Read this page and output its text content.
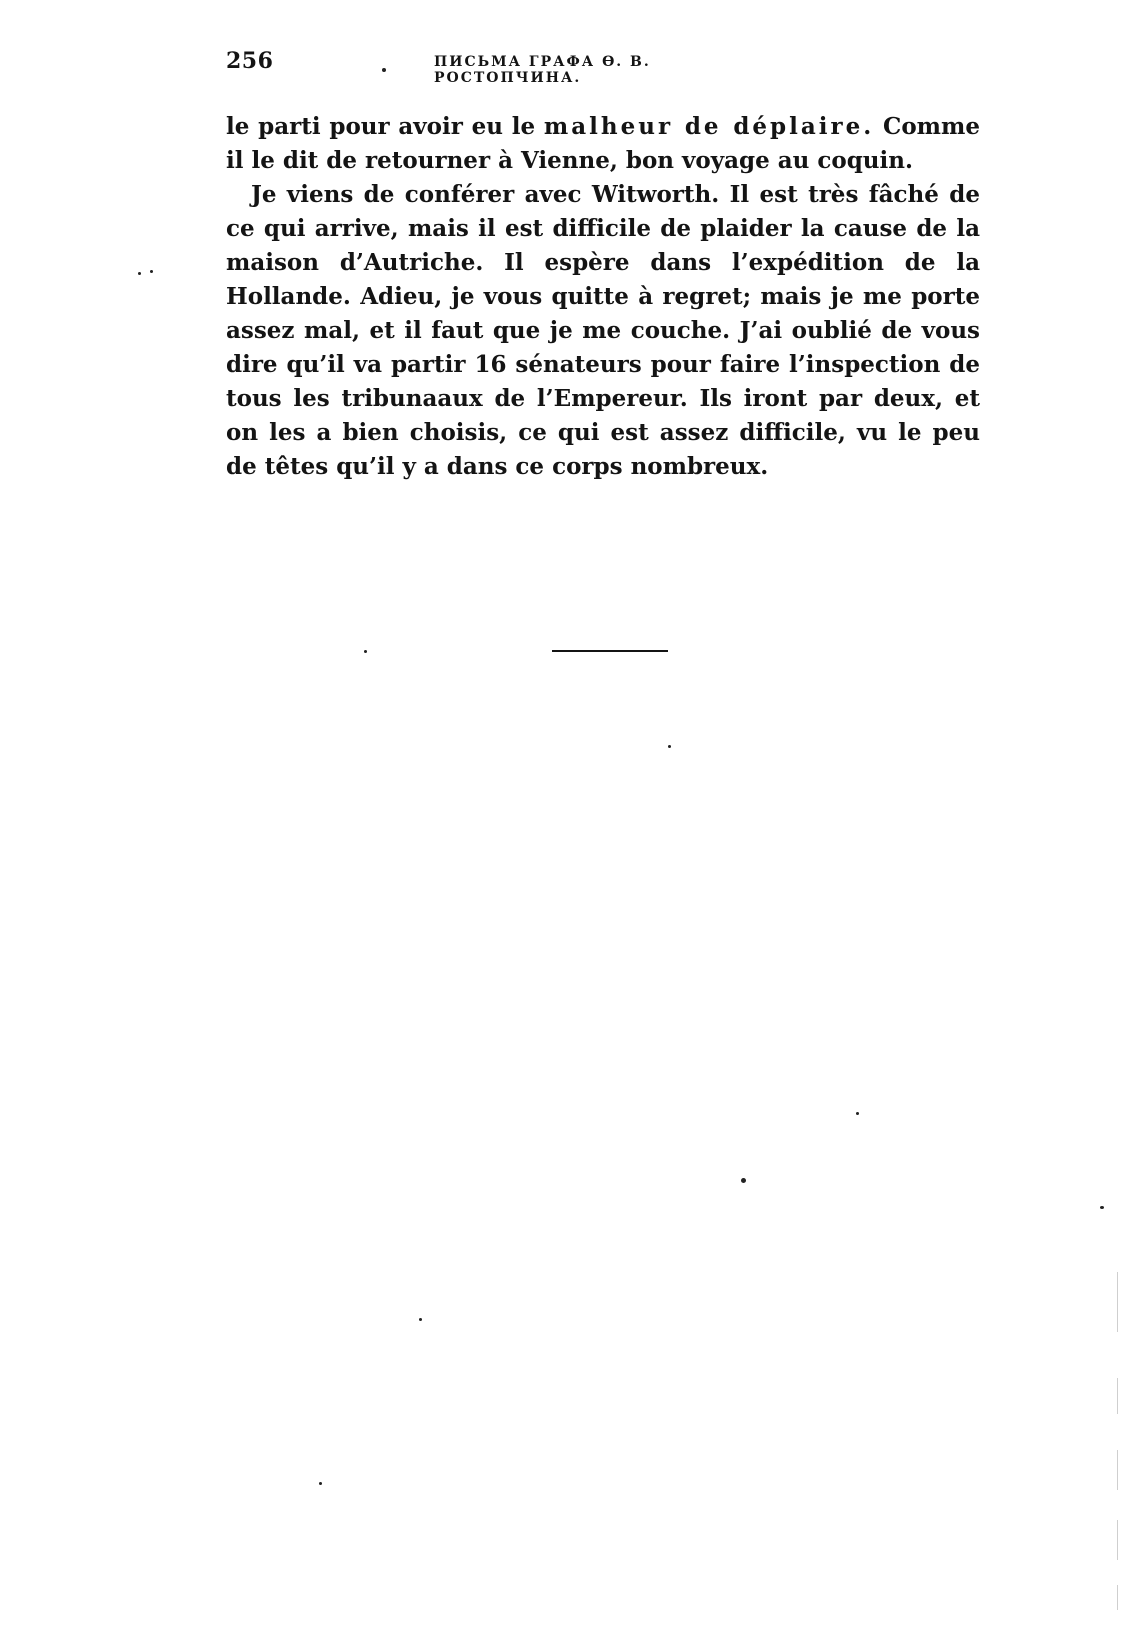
256	ПИСЬМА ГРАФА Ө. В. РОСТОПЧИНА.

le parti pour avoir eu le malheur de déplaire. Comme il le dit de retourner à Vienne, bon voyage au coquin.

Je viens de conférer avec Witworth. Il est très fâché de ce qui arrive, mais il est difficile de plaider la cause de la maison d’Autriche. Il espère dans l’expédition de la Hollande. Adieu, je vous quitte à regret; mais je me porte assez mal, et il faut que je me couche. J’ai oublié de vous dire qu’il va partir 16 sénateurs pour faire l’inspection de tous les tribunaaux de l’Empereur. Ils iront par deux, et on les a bien choisis, ce qui est assez difficile, vu le peu de têtes qu’il y a dans ce corps nombreux.
